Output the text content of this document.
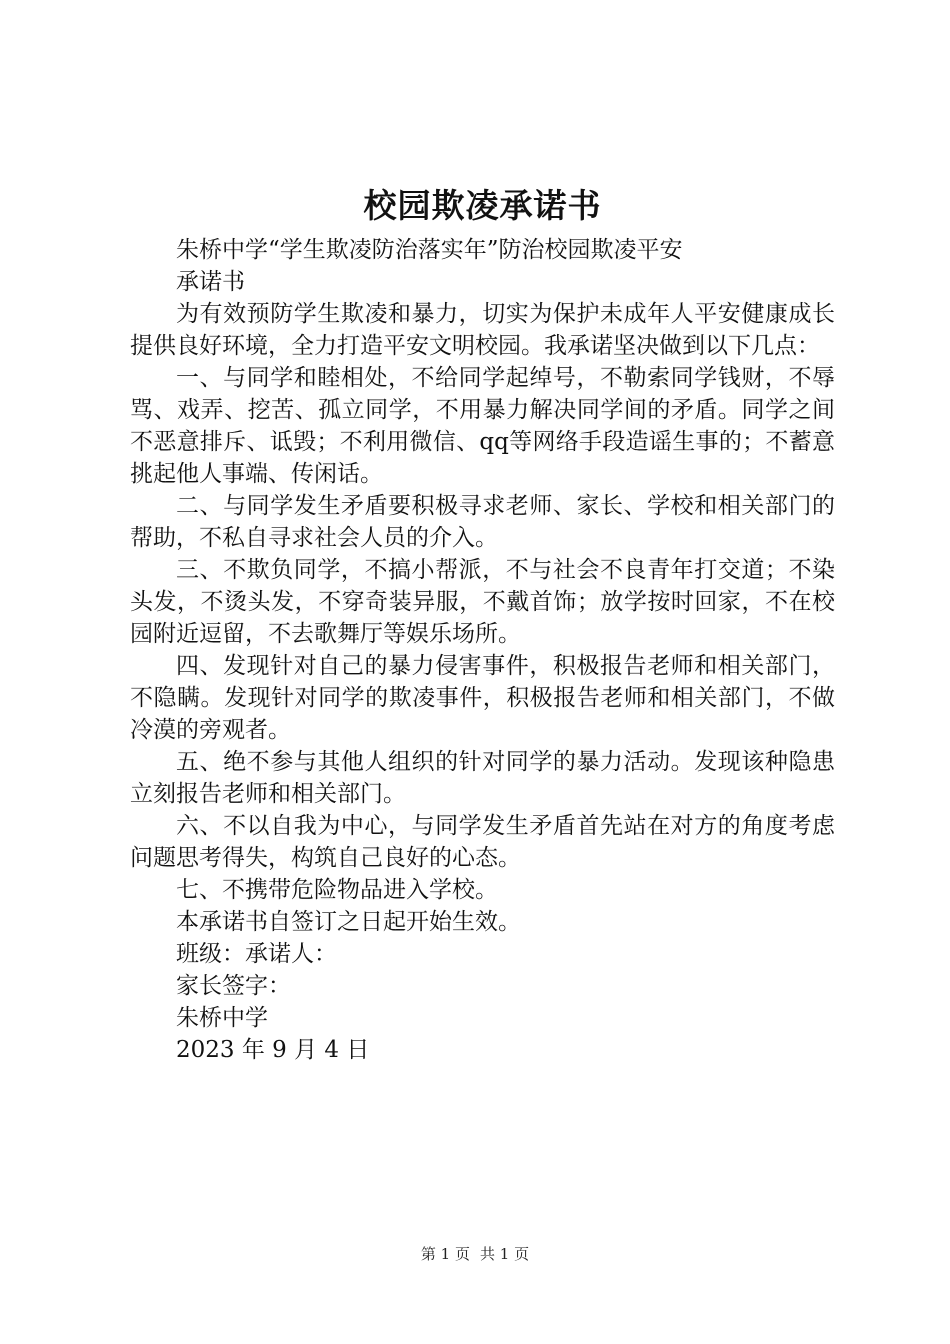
校园欺凌承诺书

朱桥中学“学生欺凌防治落实年”防治校园欺凌平安

承诺书

为有效预防学生欺凌和暴力，切实为保护未成年人平安健康成长提供良好环境，全力打造平安文明校园。我承诺坚决做到以下几点：

一、与同学和睦相处，不给同学起绰号，不勒索同学钱财，不辱骂、戏弄、挖苦、孤立同学，不用暴力解决同学间的矛盾。同学之间不恶意排斥、诋毁；不利用微信、qq等网络手段造谣生事的；不蓄意挑起他人事端、传闲话。

二、与同学发生矛盾要积极寻求老师、家长、学校和相关部门的帮助，不私自寻求社会人员的介入。

三、不欺负同学，不搞小帮派，不与社会不良青年打交道；不染头发，不烫头发，不穿奇装异服，不戴首饰；放学按时回家，不在校园附近逗留，不去歌舞厅等娱乐场所。

四、发现针对自己的暴力侵害事件，积极报告老师和相关部门，不隐瞒。发现针对同学的欺凌事件，积极报告老师和相关部门，不做冷漠的旁观者。

五、绝不参与其他人组织的针对同学的暴力活动。发现该种隐患立刻报告老师和相关部门。

六、不以自我为中心，与同学发生矛盾首先站在对方的角度考虑问题思考得失，构筑自己良好的心态。

七、不携带危险物品进入学校。

本承诺书自签订之日起开始生效。

班级：承诺人：

家长签字：

朱桥中学

2023 年 9 月 4 日

第 1 页 共 1 页
